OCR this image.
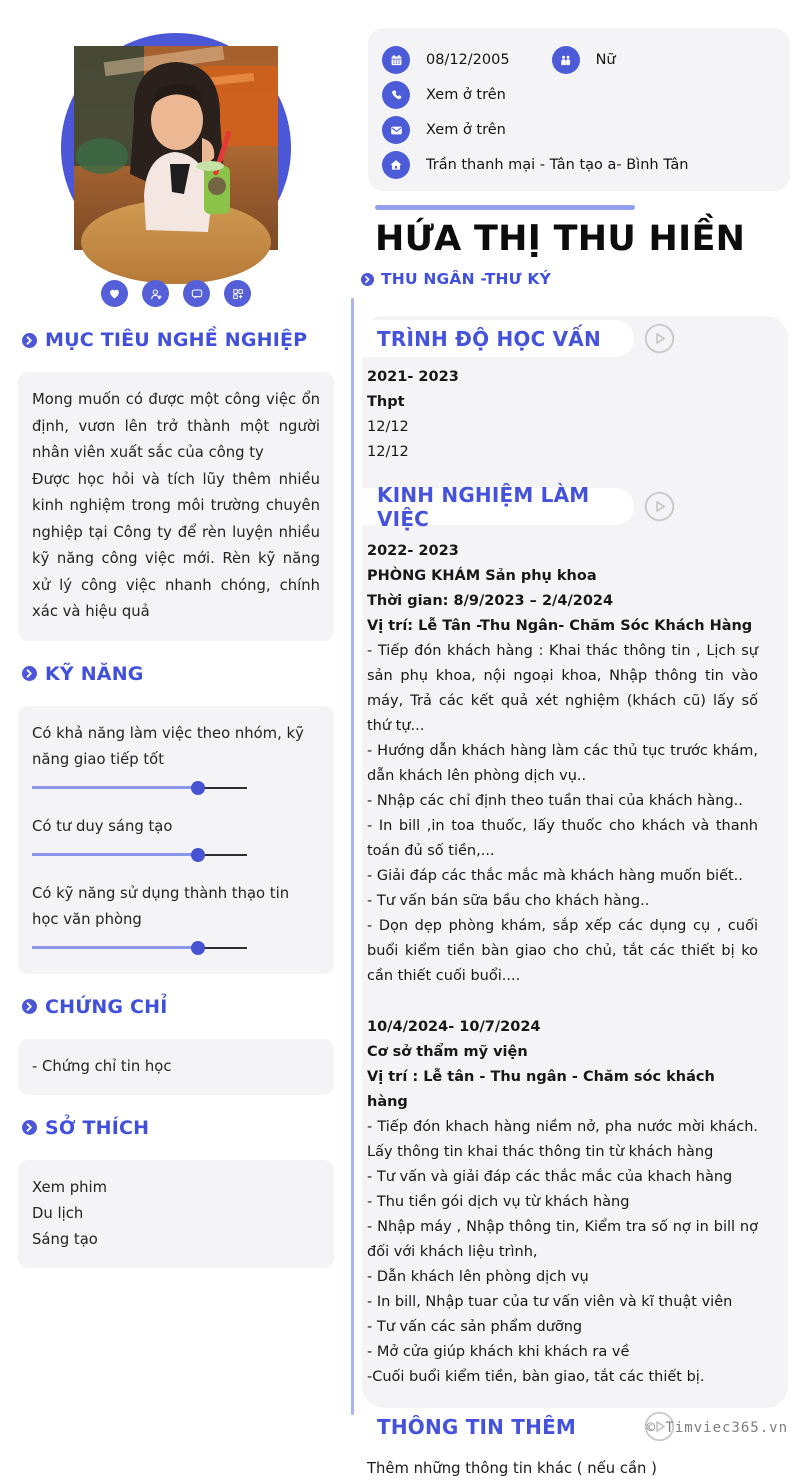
MỤC TIÊU NGHỀ NGHIỆP

Mong muốn có được một công việc ổn định, vươn lên trở thành một người nhân viên xuất sắc của công ty

Được học hỏi và tích lũy thêm nhiều kinh nghiệm trong môi trường chuyên nghiệp tại Công ty để rèn luyện nhiều kỹ năng công việc mới. Rèn kỹ năng xử lý công việc nhanh chóng, chính xác và hiệu quả

KỸ NĂNG
Có khả năng làm việc theo nhóm, kỹ năng giao tiếp tốt
Có tư duy sáng tạo
Có kỹ năng sử dụng thành thạo tin học văn phòng
CHỨNG CHỈ

- Chứng chỉ tin học

SỞ THÍCH

Xem phim

Du lịch

Sáng tạo

08/12/2005	Nữ
Xem ở trên
Xem ở trên
Trần thanh mại - Tân tạo a- Bình Tân
HỨA THỊ THU HIỀN
THU NGÂN -THƯ KÝ
TRÌNH ĐỘ HỌC VẤN

2021- 2023

Thpt

12/12

12/12

KINH NGHIỆM LÀM VIỆC

2022- 2023

PHÒNG KHÁM Sản phụ khoa

Thời gian: 8/9/2023 – 2/4/2024

Vị trí: Lễ Tân -Thu Ngân- Chăm Sóc Khách Hàng

- Tiếp đón khách hàng : Khai thác thông tin , Lịch sự sản phụ khoa, nội ngoại khoa, Nhập thông tin vào máy, Trả các kết quả xét nghiệm (khách cũ) lấy số thứ tự...

- Hướng dẫn khách hàng làm các thủ tục trước khám, dẫn khách lên phòng dịch vụ..

- Nhập các chỉ định theo tuần thai của khách hàng..

- In bill ,in toa thuốc, lấy thuốc cho khách và thanh toán đủ số tiền,...

- Giải đáp các thắc mắc mà khách hàng muốn biết..

- Tư vấn bán sữa bầu cho khách hàng..

- Dọn dẹp phòng khám, sắp xếp các dụng cụ , cuối buổi kiểm tiền bàn giao cho chủ, tắt các thiết bị ko cần thiết cuối buổi....

10/4/2024- 10/7/2024

Cơ sở thẩm mỹ viện

Vị trí : Lễ tân - Thu ngân - Chăm sóc khách hàng

- Tiếp đón khach hàng niềm nở, pha nước mời khách. Lấy thông tin khai thác thông tin từ khách hàng

- Tư vấn và giải đáp các thắc mắc của khach hàng

- Thu tiền gói dịch vụ từ khách hàng

- Nhập máy , Nhập thông tin, Kiểm tra số nợ in bill nợ đối với khách liệu trình,

- Dẫn khách lên phòng dịch vụ

- In bill, Nhập tuar của tư vấn viên và kĩ thuật viên

- Tư vấn các sản phẩm dưỡng

- Mở cửa giúp khách khi khách ra về

-Cuối buổi kiểm tiền, bàn giao, tắt các thiết bị.

THÔNG TIN THÊM

Thêm những thông tin khác ( nếu cần )

© Timviec365.vn
